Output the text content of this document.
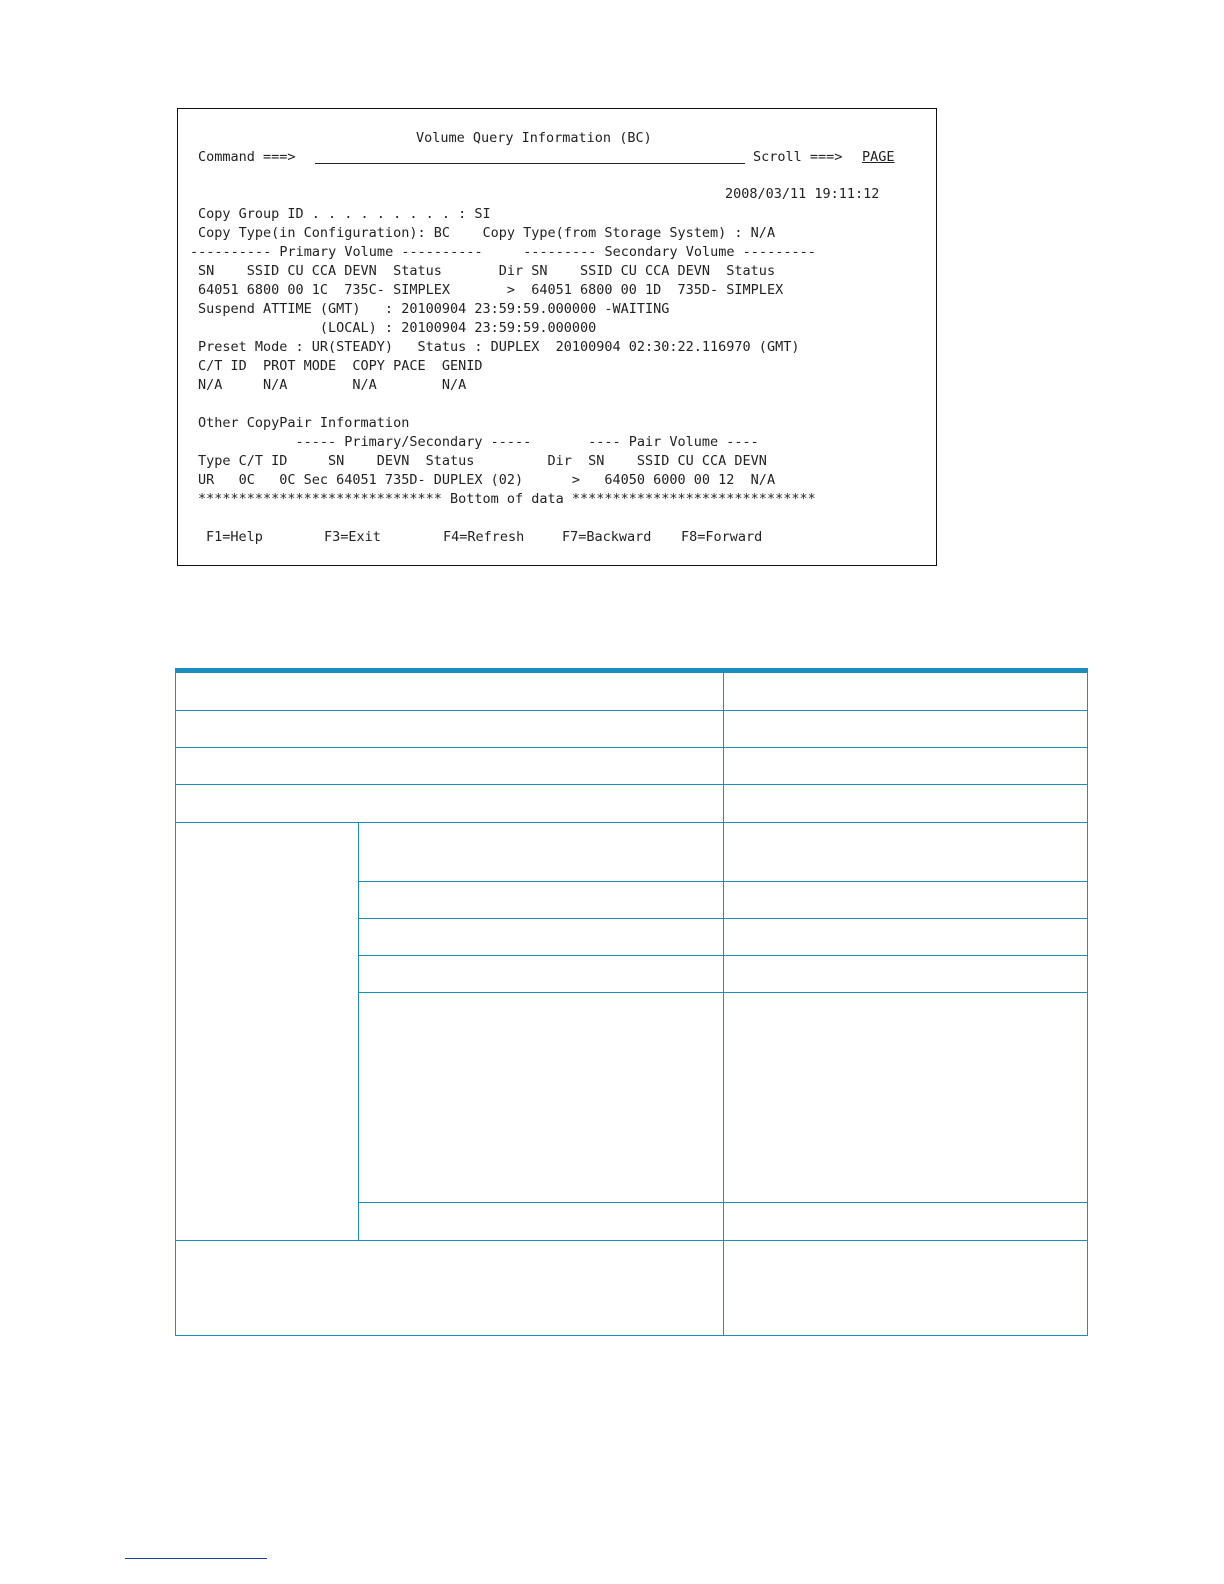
Volume Query Information (BC)
Command ===>	Scroll ===> PAGE
2008/03/11 19:11:12
Copy Group ID . . . . . . . . . : SI
Copy Type(in Configuration): BC    Copy Type(from Storage System) : N/A
---------- Primary Volume ----------     --------- Secondary Volume ---------
SN    SSID CU CCA DEVN  Status       Dir SN    SSID CU CCA DEVN  Status
64051 6800 00 1C  735C- SIMPLEX       >  64051 6800 00 1D  735D- SIMPLEX
Suspend ATTIME (GMT)   : 20100904 23:59:59.000000 -WAITING
(LOCAL) : 20100904 23:59:59.000000
Preset Mode : UR(STEADY)   Status : DUPLEX  20100904 02:30:22.116970 (GMT)
C/T ID  PROT MODE  COPY PACE  GENID
N/A     N/A        N/A        N/A
Other CopyPair Information
----- Primary/Secondary -----       ---- Pair Volume ----
Type C/T ID     SN    DEVN  Status         Dir  SN    SSID CU CCA DEVN
UR   0C   0C Sec 64051 735D- DUPLEX (02)      >   64050 6000 00 12  N/A
****************************** Bottom of data ******************************
F1=Help	F3=Exit	F4=Refresh	F7=Backward F8=Forward
